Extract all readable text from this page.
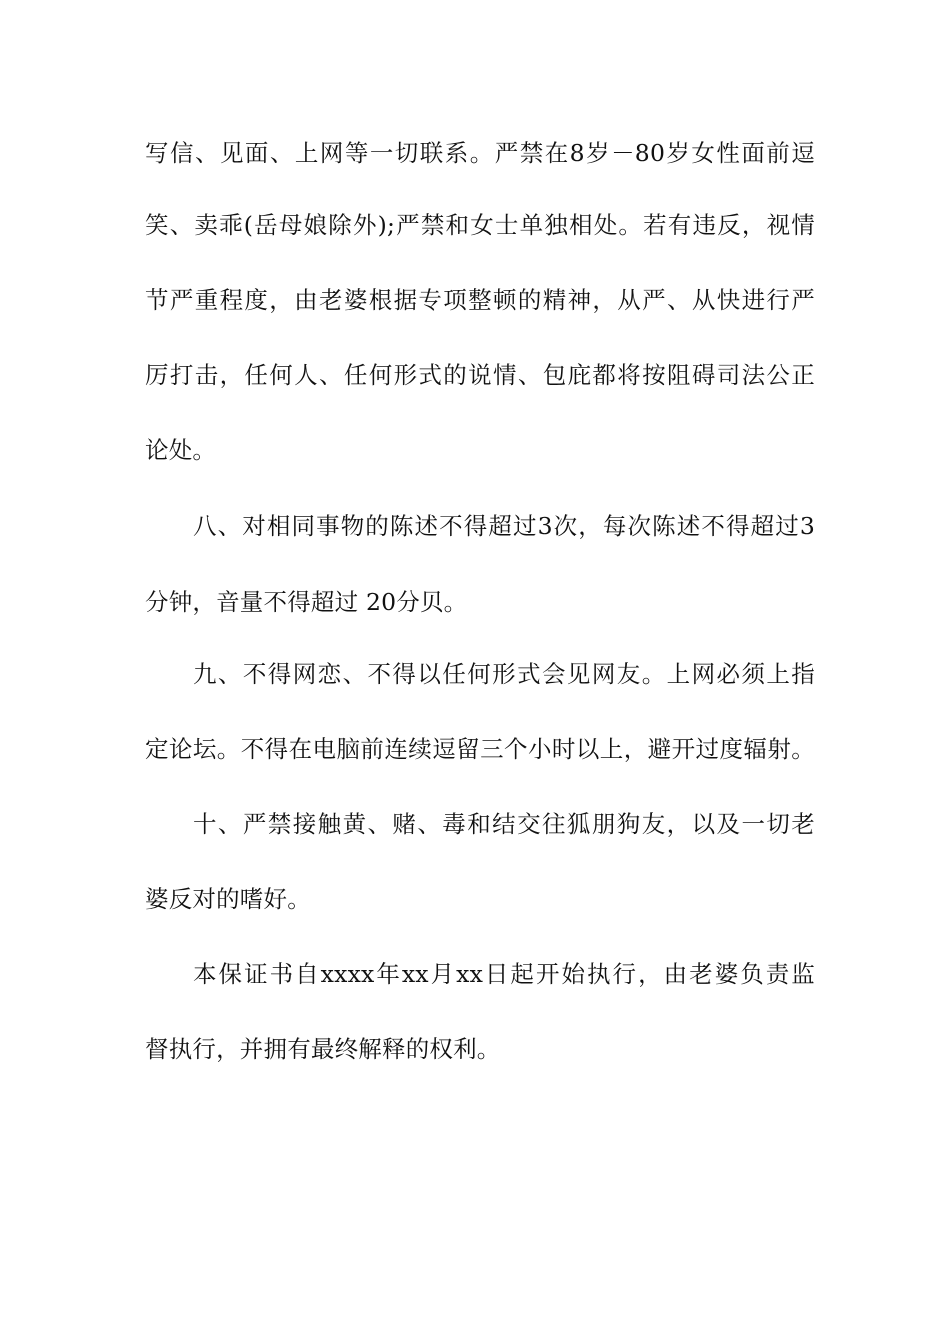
写信、见面、上网等一切联系。严禁在8岁－80岁女性面前逗
笑、卖乖(岳母娘除外);严禁和女士单独相处。若有违反，视情
节严重程度，由老婆根据专项整顿的精神，从严、从快进行严
厉打击，任何人、任何形式的说情、包庇都将按阻碍司法公正
论处。
八、对相同事物的陈述不得超过3次，每次陈述不得超过3
分钟，音量不得超过 20分贝。
九、不得网恋、不得以任何形式会见网友。上网必须上指
定论坛。不得在电脑前连续逗留三个小时以上，避开过度辐射。
十、严禁接触黄、赌、毒和结交往狐朋狗友，以及一切老
婆反对的嗜好。
本保证书自xxxx年xx月xx日起开始执行，由老婆负责监
督执行，并拥有最终解释的权利。
